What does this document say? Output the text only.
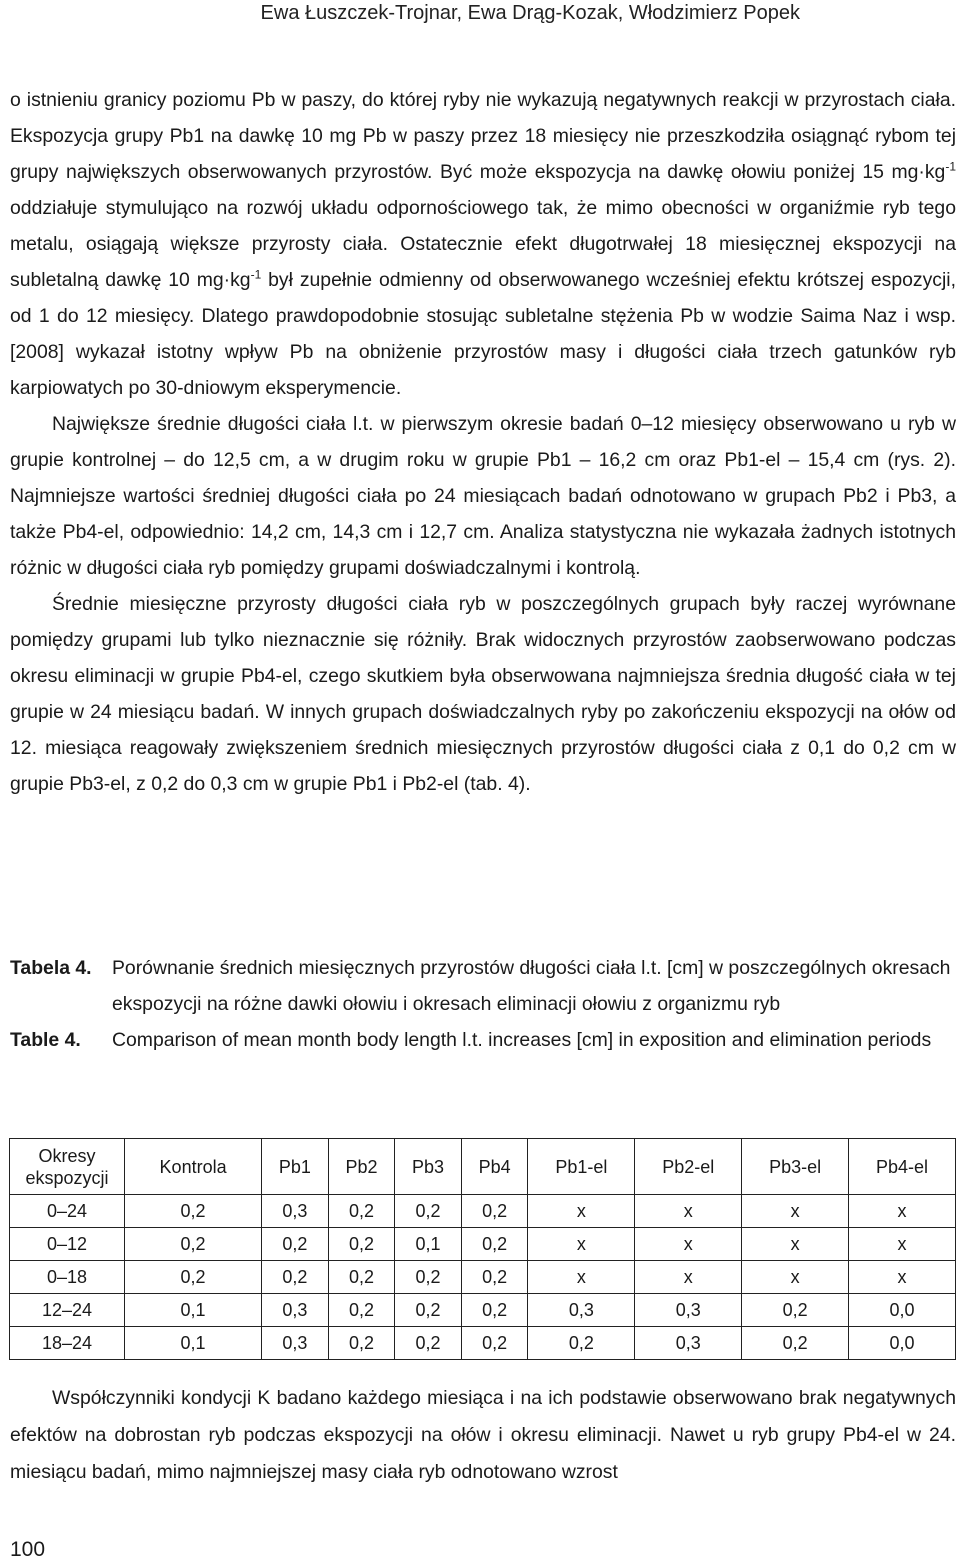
Ewa Łuszczek-Trojnar, Ewa Drąg-Kozak, Włodzimierz Popek

o istnieniu granicy poziomu Pb w paszy, do której ryby nie wykazują negatywnych reakcji w przyrostach ciała. Ekspozycja grupy Pb1 na dawkę 10 mg Pb w paszy przez 18 miesięcy nie przeszkodziła osiągnąć rybom tej grupy największych obserwowanych przyrostów. Być może ekspozycja na dawkę ołowiu poniżej 15 $mg\cdot kg^{-1}$ oddziałuje stymulująco na rozwój układu odpornościowego tak, że mimo obecności w organiźmie ryb tego metalu, osiągają większe przyrosty ciała. Ostatecznie efekt długotrwałej 18 miesięcznej ekspozycji na subletalną dawkę 10 $mg\cdot kg^{-1}$ był zupełnie odmienny od obserwowanego wcześniej efektu krótszej espozycji, od 1 do 12 miesięcy. Dlatego prawdopodobnie stosując subletalne stężenia Pb w wodzie Saima Naz i wsp. [2008] wykazał istotny wpływ Pb na obniżenie przyrostów masy i długości ciała trzech gatunków ryb karpiowatych po 30-dniowym eksperymencie.

Największe średnie długości ciała l.t. w pierwszym okresie badań 0–12 miesięcy obserwowano u ryb w grupie kontrolnej – do 12,5 cm, a w drugim roku w grupie Pb1 – 16,2 cm oraz Pb1-el – 15,4 cm (rys. 2). Najmniejsze wartości średniej długości ciała po 24 miesiącach badań odnotowano w grupach Pb2 i Pb3, a także Pb4-el, odpowiednio: 14,2 cm, 14,3 cm i 12,7 cm. Analiza statystyczna nie wykazała żadnych istotnych różnic w długości ciała ryb pomiędzy grupami doświadczalnymi i kontrolą.

Średnie miesięczne przyrosty długości ciała ryb w poszczególnych grupach były raczej wyrównane pomiędzy grupami lub tylko nieznacznie się różniły. Brak widocznych przyrostów zaobserwowano podczas okresu eliminacji w grupie Pb4-el, czego skutkiem była obserwowana najmniejsza średnia długość ciała w tej grupie w 24 miesiącu badań. W innych grupach doświadczalnych ryby po zakończeniu ekspozycji na ołów od 12. miesiąca reagowały zwiększeniem średnich miesięcznych przyrostów długości ciała z 0,1 do 0,2 cm w grupie Pb3-el, z 0,2 do 0,3 cm w grupie Pb1 i Pb2-el (tab. 4).

Tabela 4.	Porównanie średnich miesięcznych przyrostów długości ciała l.t. [cm] w poszczególnych okresach ekspozycji na różne dawki ołowiu i okresach eliminacji ołowiu z organizmu ryb
Table 4.	Comparison of mean month body length l.t. increases [cm] in exposition and elimination periods
Okresy ekspozycji	Kontrola	Pb1	Pb2	Pb3	Pb4	Pb1-el	Pb2-el	Pb3-el	Pb4-el
0–24	0,2	0,3	0,2	0,2	0,2	x	x	x	x
0–12	0,2	0,2	0,2	0,1	0,2	x	x	x	x
0–18	0,2	0,2	0,2	0,2	0,2	x	x	x	x
12–24	0,1	0,3	0,2	0,2	0,2	0,3	0,3	0,2	0,0
18–24	0,1	0,3	0,2	0,2	0,2	0,2	0,3	0,2	0,0

Współczynniki kondycji K badano każdego miesiąca i na ich podstawie obserwowano brak negatywnych efektów na dobrostan ryb podczas ekspozycji na ołów i okresu eliminacji. Nawet u ryb grupy Pb4-el w 24. miesiącu badań, mimo najmniejszej masy ciała ryb odnotowano wzrost

100
